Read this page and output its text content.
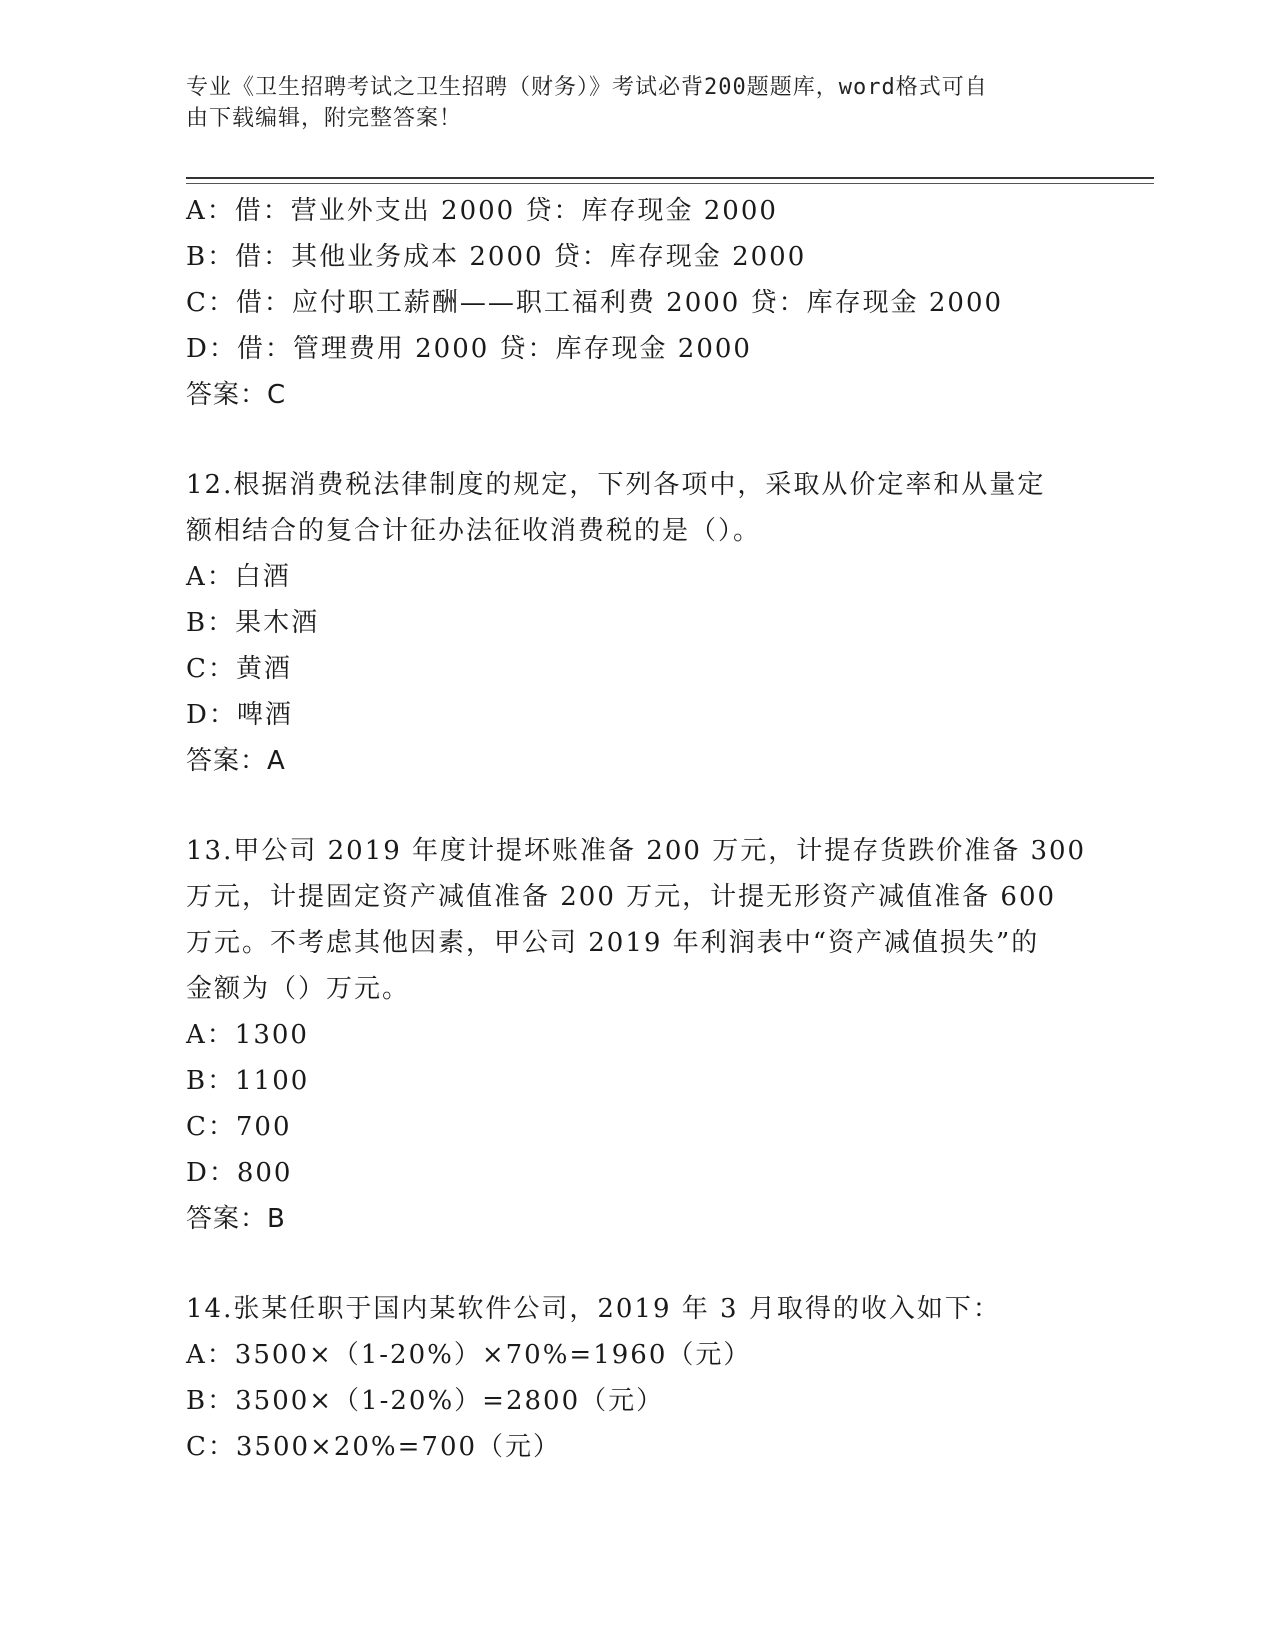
专业《卫生招聘考试之卫生招聘（财务）》考试必背200题题库，word格式可自
由下载编辑，附完整答案！
A：借：营业外支出 2000 贷：库存现金 2000
B：借：其他业务成本 2000 贷：库存现金 2000
C：借：应付职工薪酬——职工福利费 2000 贷：库存现金 2000
D：借：管理费用 2000 贷：库存现金 2000
答案：C
12.根据消费税法律制度的规定，下列各项中，采取从价定率和从量定
额相结合的复合计征办法征收消费税的是（）。
A：白酒
B：果木酒
C：黄酒
D：啤酒
答案：A
13.甲公司 2019 年度计提坏账准备 200 万元，计提存货跌价准备 300
万元，计提固定资产减值准备 200 万元，计提无形资产减值准备 600
万元。不考虑其他因素，甲公司 2019 年利润表中“资产减值损失”的
金额为（）万元。
A：1300
B：1100
C：700
D：800
答案：B
14.张某任职于国内某软件公司，2019 年 3 月取得的收入如下：
A：3500×（1-20%）×70%=1960（元）
B：3500×（1-20%）=2800（元）
C：3500×20%=700（元）
